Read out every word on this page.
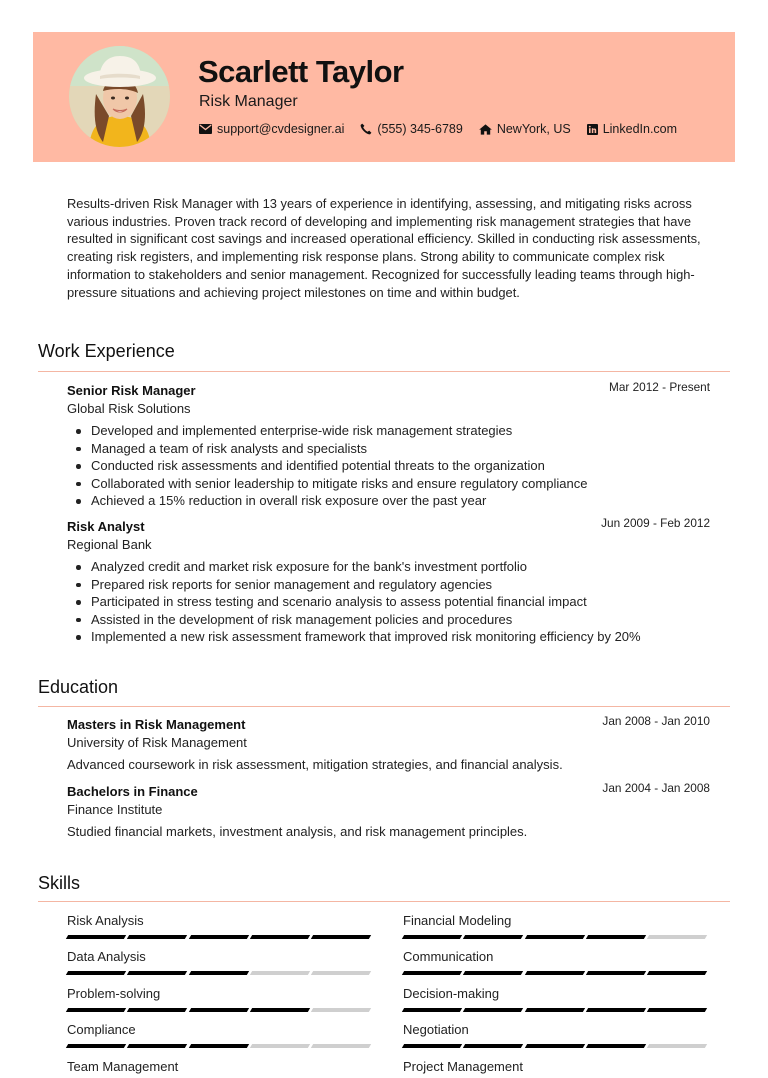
Scarlett Taylor
Risk Manager
support@cvdesigner.ai	(555) 345-6789	NewYork, US	LinkedIn.com

Results-driven Risk Manager with 13 years of experience in identifying, assessing, and mitigating risks across various industries. Proven track record of developing and implementing risk management strategies that have resulted in significant cost savings and increased operational efficiency. Skilled in conducting risk assessments, creating risk registers, and implementing risk response plans. Strong ability to communicate complex risk information to stakeholders and senior management. Recognized for successfully leading teams through high-pressure situations and achieving project milestones on time and within budget.

Work Experience
Senior Risk Manager
Global Risk Solutions
Mar 2012 - Present
Developed and implemented enterprise-wide risk management strategies
Managed a team of risk analysts and specialists
Conducted risk assessments and identified potential threats to the organization
Collaborated with senior leadership to mitigate risks and ensure regulatory compliance
Achieved a 15% reduction in overall risk exposure over the past year
Risk Analyst
Regional Bank
Jun 2009 - Feb 2012
Analyzed credit and market risk exposure for the bank's investment portfolio
Prepared risk reports for senior management and regulatory agencies
Participated in stress testing and scenario analysis to assess potential financial impact
Assisted in the development of risk management policies and procedures
Implemented a new risk assessment framework that improved risk monitoring efficiency by 20%
Education
Masters in Risk Management
University of Risk Management
Jan 2008 - Jan 2010
Advanced coursework in risk assessment, mitigation strategies, and financial analysis.
Bachelors in Finance
Finance Institute
Jan 2004 - Jan 2008
Studied financial markets, investment analysis, and risk management principles.
Skills
Risk Analysis	Financial Modeling
Data Analysis	Communication
Problem-solving	Decision-making
Compliance	Negotiation
Team Management	Project Management
